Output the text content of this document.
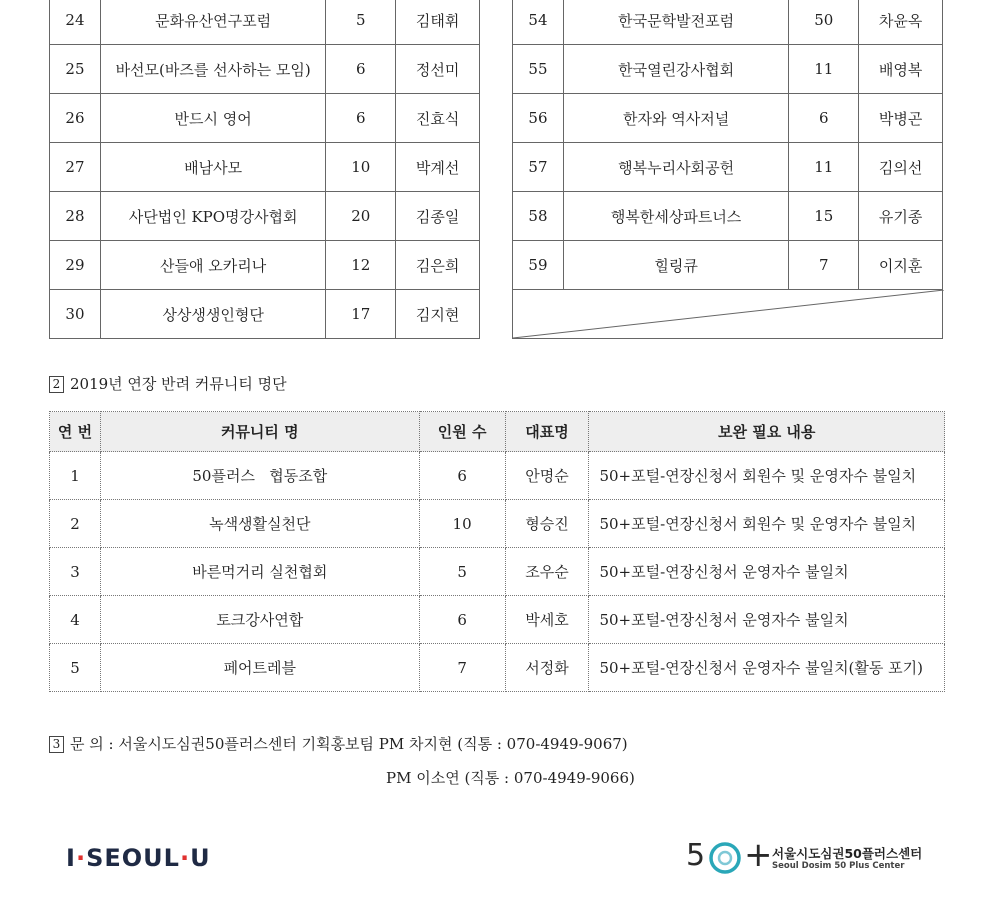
24	문화유산연구포럼	5	김태휘
25	바선모(바즈를 선사하는 모임)	6	정선미
26	반드시 영어	6	진효식
27	배남사모	10	박계선
28	사단법인 KPO명강사협회	20	김종일
29	산들애 오카리나	12	김은희
30	상상생생인형단	17	김지현
54	한국문학발전포럼	50	차윤옥
55	한국열린강사협회	11	배영복
56	한자와 역사저널	6	박병곤
57	행복누리사회공헌	11	김의선
58	행복한세상파트너스	15	유기종
59	힐링큐	7	이지훈

2 2019년 연장 반려 커뮤니티 명단
연 번	커뮤니티 명	인원 수	대표명	보완 필요 내용
1	50플러스   협동조합	6	안명순	50+포털-연장신청서 회원수 및 운영자수 불일치
2	녹색생활실천단	10	형승진	50+포털-연장신청서 회원수 및 운영자수 불일치
3	바른먹거리 실천협회	5	조우순	50+포털-연장신청서 운영자수 불일치
4	토크강사연합	6	박세호	50+포털-연장신청서 운영자수 불일치
5	페어트레블	7	서정화	50+포털-연장신청서 운영자수 불일치(활동 포기)
3 문 의 : 서울시도심권50플러스센터 기획홍보팀 PM 차지현 (직통 : 070-4949-9067)
PM 이소연 (직통 : 070-4949-9066)
I·SEOUL·U	5 + 서울시도심권50플러스센터
Seoul Dosim 50 Plus Center
